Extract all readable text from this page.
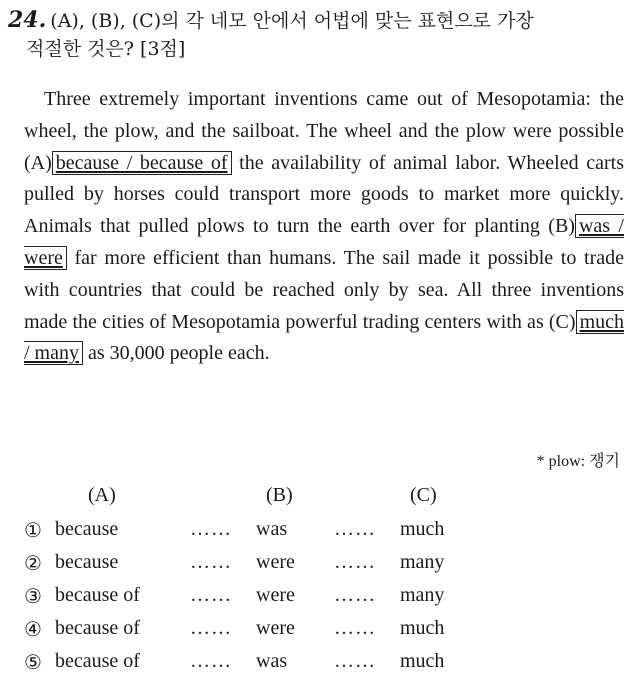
24. (A), (B), (C)의 각 네모 안에서 어법에 맞는 표현으로 가장
적절한 것은? [3점]

Three extremely important inventions came out of Mesopotamia: the wheel, the plow, and the sailboat. The wheel and the plow were possible (A) because / because of the availability of animal labor. Wheeled carts pulled by horses could transport more goods to market more quickly. Animals that pulled plows to turn the earth over for planting (B) was / were far more efficient than humans. The sail made it possible to trade with countries that could be reached only by sea. All three inventions made the cities of Mesopotamia powerful trading centers with as (C) much / many as 30,000 people each.

* plow: 쟁기
(A)	(B)	(C)
① because	…… was …… much
② because	…… were …… many
③ because of	…… were …… many
④ because of	…… were …… much
⑤ because of	…… was …… much
